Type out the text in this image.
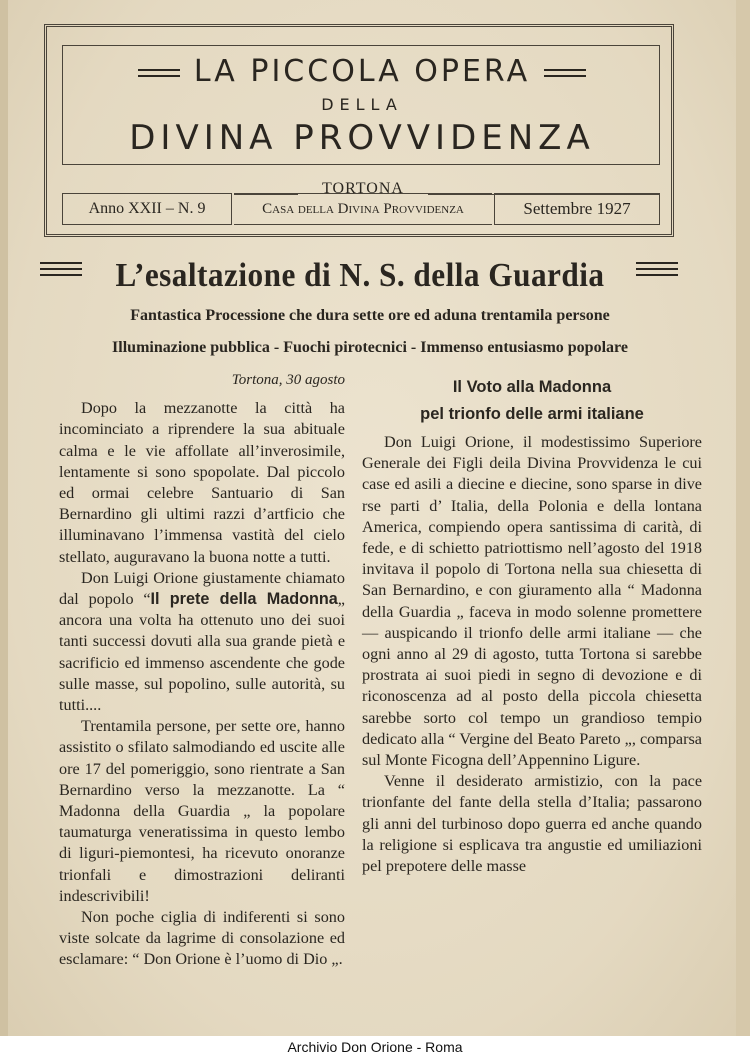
LA PICCOLA OPERA
DELLA
DIVINA PROVVIDENZA
TORTONA
Anno XXII – N. 9	Casa della Divina Provvidenza	Settembre 1927
L’esaltazione di N. S. della Guardia
Fantastica Processione che dura sette ore ed aduna trentamila persone
Illuminazione pubblica - Fuochi pirotecnici - Immenso entusiasmo popolare
Tortona, 30 agosto

Dopo la mezzanotte la città ha incominciato a riprendere la sua abituale calma e le vie affollate all’inverosimile, lentamente si sono spopolate. Dal piccolo ed ormai celebre Santuario di San Bernardino gli ultimi razzi d’artficio che illuminavano l’immensa vastità del cielo stellato, auguravano la buona notte a tutti.

Don Luigi Orione giustamente chiamato dal popolo “Il prete della Madonna„ ancora una volta ha ottenuto uno dei suoi tanti successi dovuti alla sua grande pietà e sacrificio ed immenso ascendente che gode sulle masse, sul popolino, sulle autorità, su tutti....

Trentamila persone, per sette ore, hanno assistito o sfilato salmodiando ed uscite alle ore 17 del pomeriggio, sono rientrate a San Bernardino verso la mezzanotte. La “ Madonna della Guardia „ la popolare taumaturga veneratissima in questo lembo di liguri-piemontesi, ha ricevuto onoranze trionfali e dimostrazioni deliranti indescrivibili!

Non poche ciglia di indiferenti si sono viste solcate da lagrime di consolazione ed esclamare: “ Don Orione è l’uomo di Dio „.

Il Voto alla Madonna

pel trionfo delle armi italiane

Don Luigi Orione, il modestissimo Superiore Generale dei Figli deila Divina Provvidenza le cui case ed asili a diecine e diecine, sono sparse in dive rse parti d’ Italia, della Polonia e della lontana America, compiendo opera santissima di carità, di fede, e di schietto patriottismo nell’agosto del 1918 invitava il popolo di Tortona nella sua chiesetta di San Bernardino, e con giuramento alla “ Madonna della Guardia „ faceva in modo solenne promettere — auspicando il trionfo delle armi italiane — che ogni anno al 29 di agosto, tutta Tortona si sarebbe prostrata ai suoi piedi in segno di devozione e di riconoscenza ad al posto della piccola chiesetta sarebbe sorto col tempo un grandioso tempio dedicato alla “ Vergine del Beato Pareto „, comparsa sul Monte Ficogna dell’Appennino Ligure.

Venne il desiderato armistizio, con la pace trionfante del fante della stella d’Italia; passarono gli anni del turbinoso dopo guerra ed anche quando la religione si esplicava tra angustie ed umiliazioni pel prepotere delle masse

Archivio Don Orione - Roma
